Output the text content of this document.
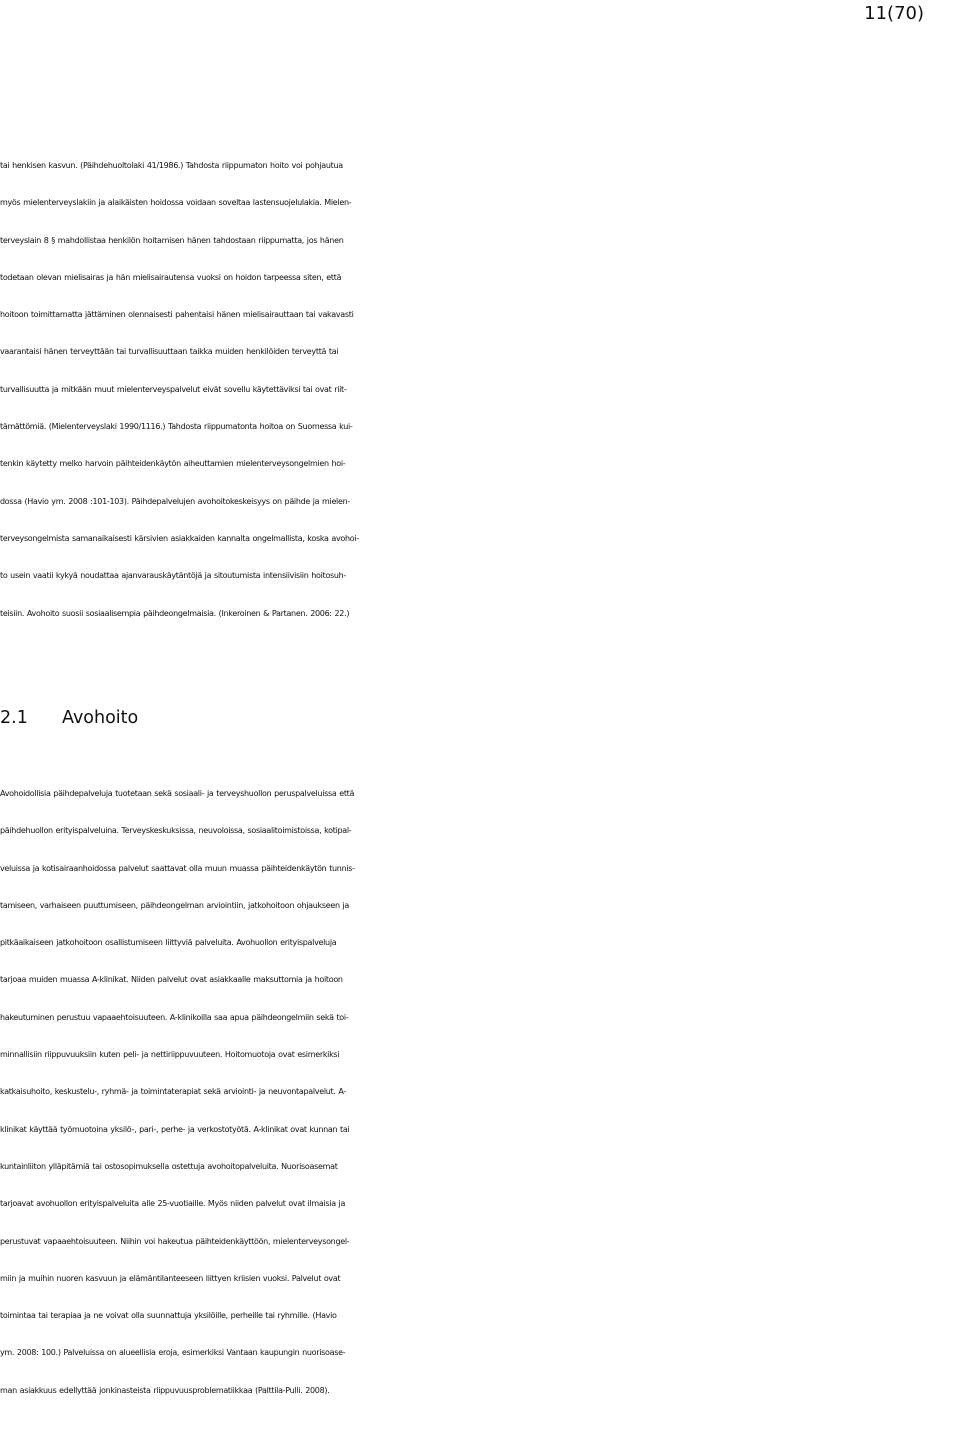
11(70)
tai henkisen kasvun. (Päihdehuoltolaki 41/1986.) Tahdosta riippumaton hoito voi pohjautua
myös mielenterveyslakiin ja alaikäisten hoidossa voidaan soveltaa lastensuojelulakia. Mielen-
terveyslain 8 § mahdollistaa henkilön hoitamisen hänen tahdostaan riippumatta, jos hänen
todetaan olevan mielisairas ja hän mielisairautensa vuoksi on hoidon tarpeessa siten, että
hoitoon toimittamatta jättäminen olennaisesti pahentaisi hänen mielisairauttaan tai vakavasti
vaarantaisi hänen terveyttään tai turvallisuuttaan taikka muiden henkilöiden terveyttä tai
turvallisuutta ja mitkään muut mielenterveyspalvelut eivät sovellu käytettäviksi tai ovat riit-
tämättömiä. (Mielenterveyslaki 1990/1116.) Tahdosta riippumatonta hoitoa on Suomessa kui-
tenkin käytetty melko harvoin päihteidenkäytön aiheuttamien mielenterveysongelmien hoi-
dossa (Havio ym. 2008 :101-103). Päihdepalvelujen avohoitokeskeisyys on päihde ja mielen-
terveysongelmista samanaikaisesti kärsivien asiakkaiden kannalta ongelmallista, koska avohoi-
to usein vaatii kykyä noudattaa ajanvarauskäytäntöjä ja sitoutumista intensiivisiin hoitosuh-
teisiin. Avohoito suosii sosiaalisempia päihdeongelmaisia. (Inkeroinen & Partanen. 2006: 22.)
2.1 Avohoito
Avohoidollisia päihdepalveluja tuotetaan sekä sosiaali- ja terveyshuollon peruspalveluissa että
päihdehuollon erityispalveluina. Terveyskeskuksissa, neuvoloissa, sosiaalitoimistoissa, kotipal-
veluissa ja kotisairaanhoidossa palvelut saattavat olla muun muassa päihteidenkäytön tunnis-
tamiseen, varhaiseen puuttumiseen, päihdeongelman arviointiin, jatkohoitoon ohjaukseen ja
pitkäaikaiseen jatkohoitoon osallistumiseen liittyviä palveluita. Avohuollon erityispalveluja
tarjoaa muiden muassa A-klinikat. Niiden palvelut ovat asiakkaalle maksuttomia ja hoitoon
hakeutuminen perustuu vapaaehtoisuuteen. A-klinikoilla saa apua päihdeongelmiin sekä toi-
minnallisiin riippuvuuksiin kuten peli- ja nettiriippuvuuteen. Hoitomuotoja ovat esimerkiksi
katkaisuhoito, keskustelu-, ryhmä- ja toimintaterapiat sekä arviointi- ja neuvontapalvelut. A-
klinikat käyttää työmuotoina yksilö-, pari-, perhe- ja verkostotyötä. A-klinikat ovat kunnan tai
kuntainliiton ylläpitämiä tai ostosopimuksella ostettuja avohoitopalveluita. Nuorisoasemat
tarjoavat avohuollon erityispalveluita alle 25-vuotiaille. Myös niiden palvelut ovat ilmaisia ja
perustuvat vapaaehtoisuuteen. Niihin voi hakeutua päihteidenkäyttöön, mielenterveysongel-
miin ja muihin nuoren kasvuun ja elämäntilanteeseen liittyen kriisien vuoksi. Palvelut ovat
toimintaa tai terapiaa ja ne voivat olla suunnattuja yksilöille, perheille tai ryhmille. (Havio
ym. 2008: 100.) Palveluissa on alueellisia eroja, esimerkiksi Vantaan kaupungin nuorisoase-
man asiakkuus edellyttää jonkinasteista riippuvuusproblematiikkaa (Palttila-Pulli. 2008).
